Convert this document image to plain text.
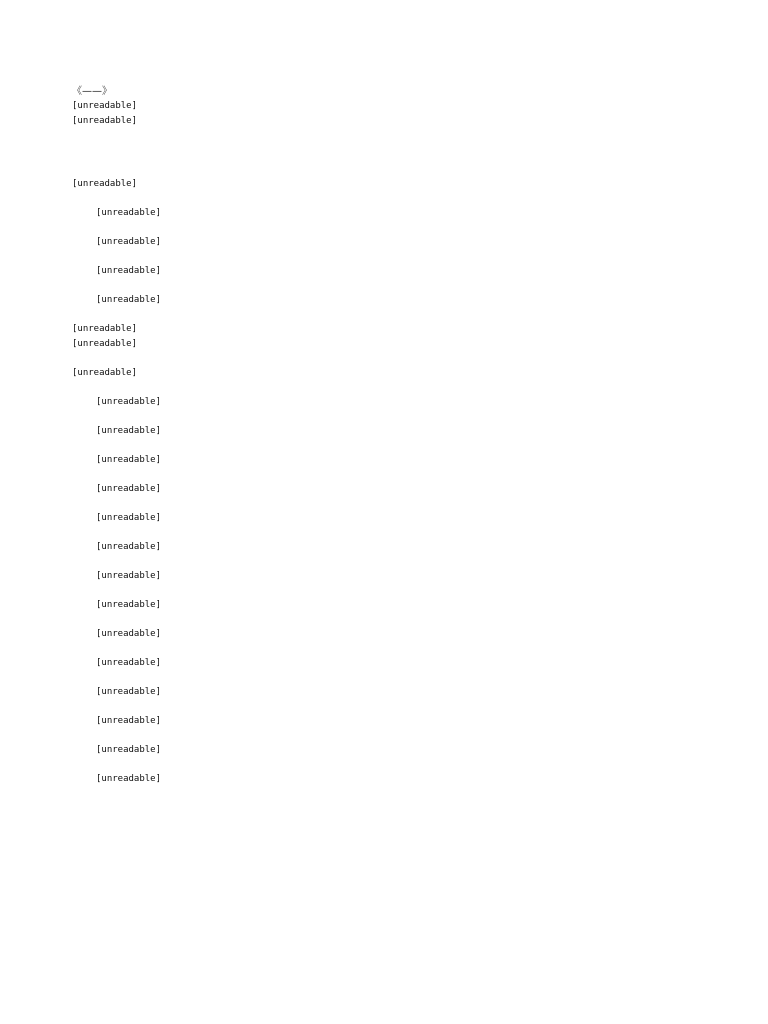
《——》
[unreadable]
[unreadable]
[unreadable]
[unreadable]
[unreadable]
[unreadable]
[unreadable]
[unreadable]
[unreadable]
[unreadable]
[unreadable]
[unreadable]
[unreadable]
[unreadable]
[unreadable]
[unreadable]
[unreadable]
[unreadable]
[unreadable]
[unreadable]
[unreadable]
[unreadable]
[unreadable]
[unreadable]
